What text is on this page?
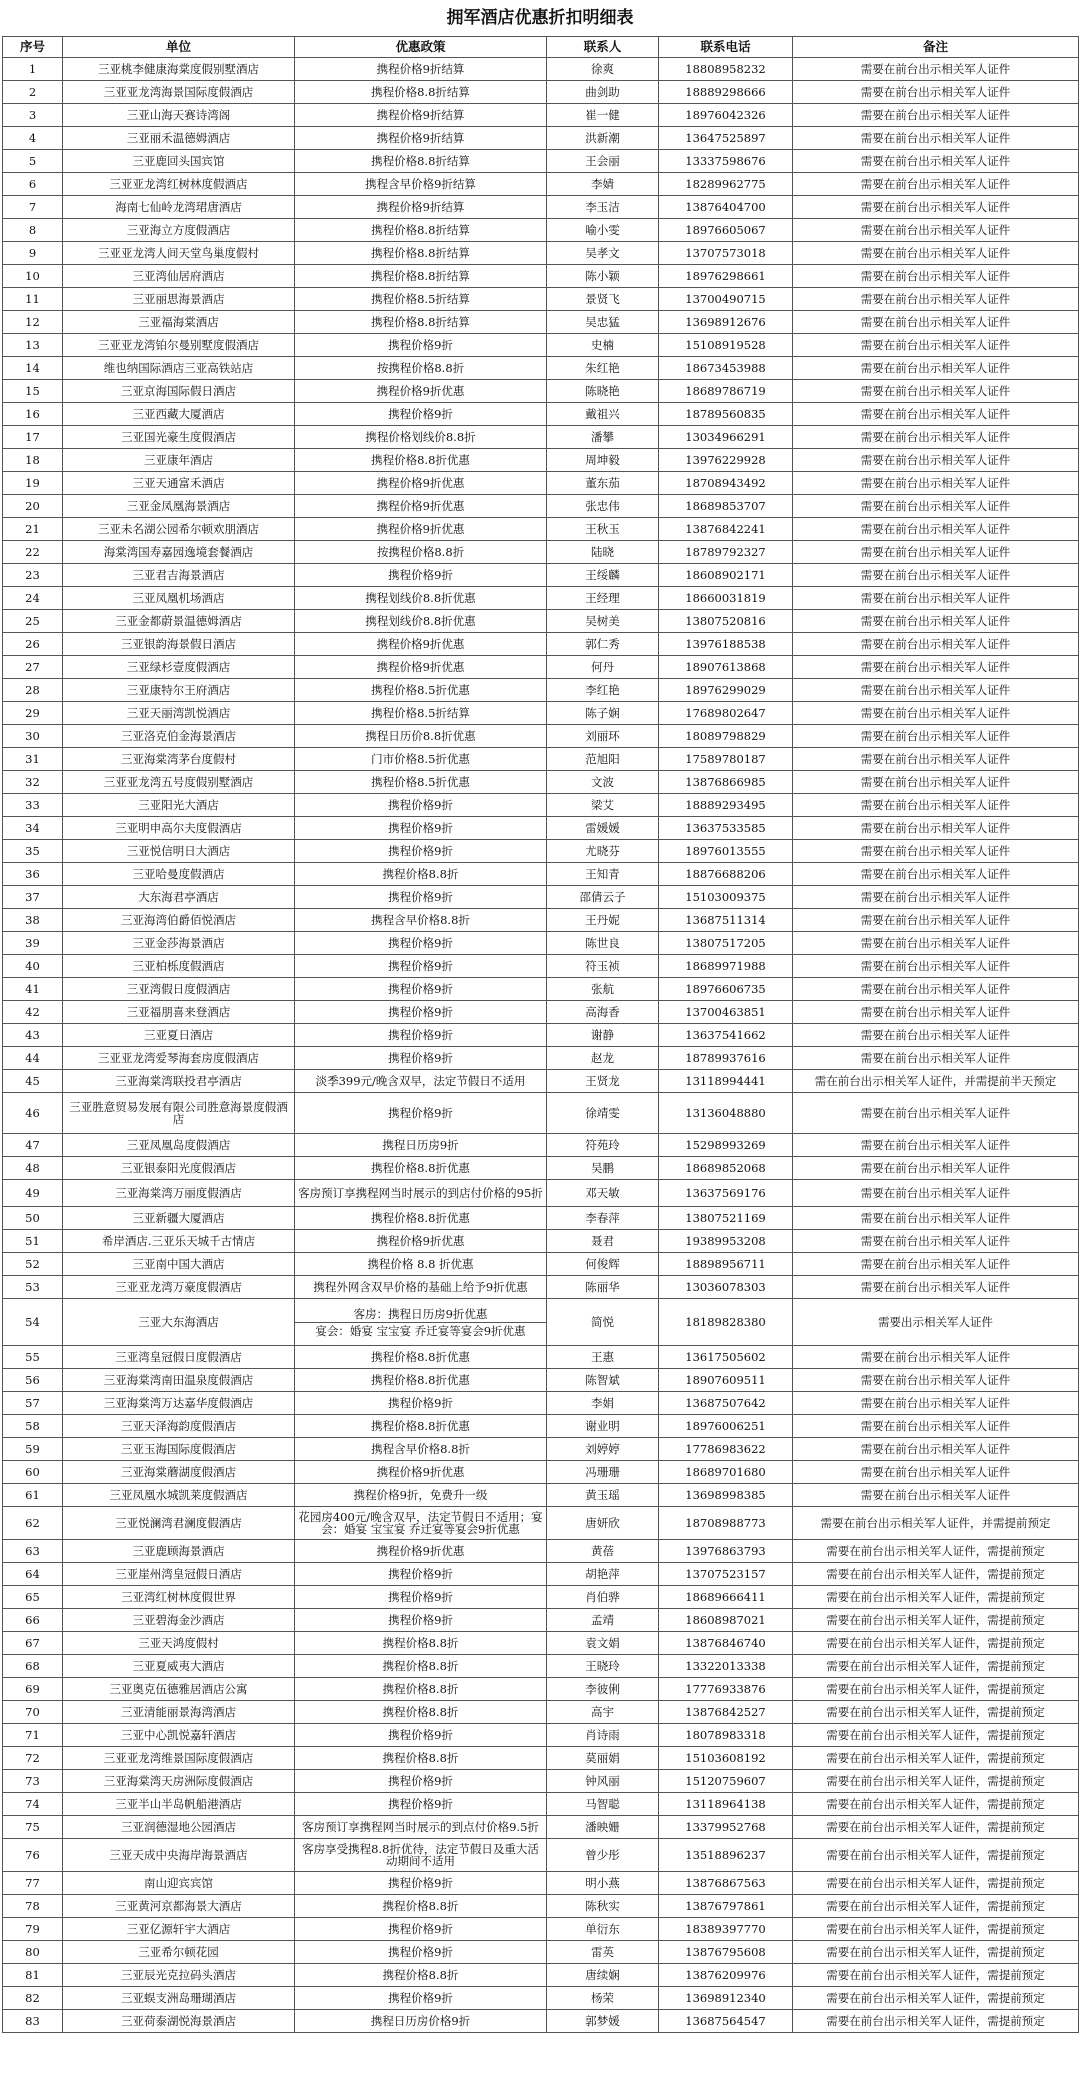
拥军酒店优惠折扣明细表
序号	单位	优惠政策	联系人	联系电话	备注
1	三亚桃李健康海棠度假别墅酒店	携程价格9折结算	徐爽	18808958232	需要在前台出示相关军人证件
2	三亚亚龙湾海景国际度假酒店	携程价格8.8折结算	曲剑助	18889298666	需要在前台出示相关军人证件
3	三亚山海天赛诗湾阁	携程价格9折结算	崔一健	18976042326	需要在前台出示相关军人证件
4	三亚丽禾温德姆酒店	携程价格9折结算	洪新潮	13647525897	需要在前台出示相关军人证件
5	三亚鹿回头国宾馆	携程价格8.8折结算	王会丽	13337598676	需要在前台出示相关军人证件
6	三亚亚龙湾红树林度假酒店	携程含早价格9折结算	李婧	18289962775	需要在前台出示相关军人证件
7	海南七仙岭龙湾珺唐酒店	携程价格9折结算	李玉洁	13876404700	需要在前台出示相关军人证件
8	三亚海立方度假酒店	携程价格8.8折结算	喻小雯	18976605067	需要在前台出示相关军人证件
9	三亚亚龙湾人间天堂鸟巢度假村	携程价格8.8折结算	吴孝文	13707573018	需要在前台出示相关军人证件
10	三亚湾仙居府酒店	携程价格8.8折结算	陈小颖	18976298661	需要在前台出示相关军人证件
11	三亚丽思海景酒店	携程价格8.5折结算	景贤飞	13700490715	需要在前台出示相关军人证件
12	三亚福海棠酒店	携程价格8.8折结算	吴忠猛	13698912676	需要在前台出示相关军人证件
13	三亚亚龙湾铂尔曼别墅度假酒店	携程价格9折	史楠	15108919528	需要在前台出示相关军人证件
14	维也纳国际酒店三亚高铁站店	按携程价格8.8折	朱红艳	18673453988	需要在前台出示相关军人证件
15	三亚京海国际假日酒店	携程价格9折优惠	陈晓艳	18689786719	需要在前台出示相关军人证件
16	三亚西藏大厦酒店	携程价格9折	戴祖兴	18789560835	需要在前台出示相关军人证件
17	三亚国光豪生度假酒店	携程价格划线价8.8折	潘攀	13034966291	需要在前台出示相关军人证件
18	三亚康年酒店	携程价格8.8折优惠	周坤毅	13976229928	需要在前台出示相关军人证件
19	三亚天通富禾酒店	携程价格9折优惠	董东茄	18708943492	需要在前台出示相关军人证件
20	三亚金凤凰海景酒店	携程价格9折优惠	张忠伟	18689853707	需要在前台出示相关军人证件
21	三亚未名湖公园希尔顿欢朋酒店	携程价格9折优惠	王秋玉	13876842241	需要在前台出示相关军人证件
22	海棠湾国寿嘉园逸境套餐酒店	按携程价格8.8折	陆晓	18789792327	需要在前台出示相关军人证件
23	三亚君吉海景酒店	携程价格9折	王绥麟	18608902171	需要在前台出示相关军人证件
24	三亚凤凰机场酒店	携程划线价8.8折优惠	王经理	18660031819	需要在前台出示相关军人证件
25	三亚金都蔚景温德姆酒店	携程划线价8.8折优惠	吴树美	13807520816	需要在前台出示相关军人证件
26	三亚银韵海景假日酒店	携程价格9折优惠	郭仁秀	13976188538	需要在前台出示相关军人证件
27	三亚绿杉壹度假酒店	携程价格9折优惠	何丹	18907613868	需要在前台出示相关军人证件
28	三亚康特尔王府酒店	携程价格8.5折优惠	李红艳	18976299029	需要在前台出示相关军人证件
29	三亚天丽湾凯悦酒店	携程价格8.5折结算	陈子娴	17689802647	需要在前台出示相关军人证件
30	三亚洛克伯金海景酒店	携程日历价8.8折优惠	刘丽环	18089798829	需要在前台出示相关军人证件
31	三亚海棠湾茅台度假村	门市价格8.5折优惠	范旭阳	17589780187	需要在前台出示相关军人证件
32	三亚亚龙湾五号度假别墅酒店	携程价格8.5折优惠	文波	13876866985	需要在前台出示相关军人证件
33	三亚阳光大酒店	携程价格9折	梁艾	18889293495	需要在前台出示相关军人证件
34	三亚明申高尔夫度假酒店	携程价格9折	雷媛媛	13637533585	需要在前台出示相关军人证件
35	三亚悦信明日大酒店	携程价格9折	尤晓芬	18976013555	需要在前台出示相关军人证件
36	三亚哈曼度假酒店	携程价格8.8折	王知青	18876688206	需要在前台出示相关军人证件
37	大东海君亭酒店	携程价格9折	邵倩云子	15103009375	需要在前台出示相关军人证件
38	三亚海湾伯爵佰悦酒店	携程含早价格8.8折	王丹妮	13687511314	需要在前台出示相关军人证件
39	三亚金莎海景酒店	携程价格9折	陈世良	13807517205	需要在前台出示相关军人证件
40	三亚柏栎度假酒店	携程价格9折	符玉祯	18689971988	需要在前台出示相关军人证件
41	三亚湾假日度假酒店	携程价格9折	张航	18976606735	需要在前台出示相关军人证件
42	三亚福朋喜来登酒店	携程价格9折	高海香	13700463851	需要在前台出示相关军人证件
43	三亚夏日酒店	携程价格9折	谢静	13637541662	需要在前台出示相关军人证件
44	三亚亚龙湾爱琴海套房度假酒店	携程价格9折	赵龙	18789937616	需要在前台出示相关军人证件
45	三亚海棠湾联投君亭酒店	淡季399元/晚含双早，法定节假日不适用	王贤龙	13118994441	需在前台出示相关军人证件，并需提前半天预定
46	三亚胜意贸易发展有限公司胜意海景度假酒店	携程价格9折	徐靖雯	13136048880	需要在前台出示相关军人证件
47	三亚凤凰岛度假酒店	携程日历房9折	符苑玲	15298993269	需要在前台出示相关军人证件
48	三亚银泰阳光度假酒店	携程价格8.8折优惠	吴鹏	18689852068	需要在前台出示相关军人证件
49	三亚海棠湾万丽度假酒店	客房预订享携程网当时展示的到店付价格的95折	邓天敏	13637569176	需要在前台出示相关军人证件
50	三亚新疆大厦酒店	携程价格8.8折优惠	李春萍	13807521169	需要在前台出示相关军人证件
51	希岸酒店.三亚乐天城千古情店	携程价格9折优惠	聂君	19389953208	需要在前台出示相关军人证件
52	三亚南中国大酒店	携程价格 8.8 折优惠	何俊辉	18898956711	需要在前台出示相关军人证件
53	三亚亚龙湾万豪度假酒店	携程外网含双早价格的基础上给予9折优惠	陈丽华	13036078303	需要在前台出示相关军人证件
54	三亚大东海酒店	客房：携程日历房9折优惠
宴会：婚宴 宝宝宴 乔迁宴等宴会9折优惠	简悦	18189828380	需要出示相关军人证件
55	三亚湾皇冠假日度假酒店	携程价格8.8折优惠	王惠	13617505602	需要在前台出示相关军人证件
56	三亚海棠湾南田温泉度假酒店	携程价格8.8折优惠	陈智斌	18907609511	需要在前台出示相关军人证件
57	三亚海棠湾万达嘉华度假酒店	携程价格9折	李娟	13687507642	需要在前台出示相关军人证件
58	三亚天泽海韵度假酒店	携程价格8.8折优惠	谢业明	18976006251	需要在前台出示相关军人证件
59	三亚玉海国际度假酒店	携程含早价格8.8折	刘婷婷	17786983622	需要在前台出示相关军人证件
60	三亚海棠蘑湖度假酒店	携程价格9折优惠	冯珊珊	18689701680	需要在前台出示相关军人证件
61	三亚凤凰水城凯莱度假酒店	携程价格9折，免费升一级	黄玉瑶	13698998385	需要在前台出示相关军人证件
62	三亚悦澜湾君澜度假酒店	花园房400元/晚含双早，法定节假日不适用；宴会：婚宴 宝宝宴 乔迁宴等宴会9折优惠	唐妍欣	18708988773	需要在前台出示相关军人证件，并需提前预定
63	三亚鹿顾海景酒店	携程价格9折优惠	黄蓓	13976863793	需要在前台出示相关军人证件，需提前预定
64	三亚崖州湾皇冠假日酒店	携程价格9折	胡艳萍	13707523157	需要在前台出示相关军人证件，需提前预定
65	三亚湾红树林度假世界	携程价格9折	肖伯骅	18689666411	需要在前台出示相关军人证件，需提前预定
66	三亚碧海金沙酒店	携程价格9折	孟靖	18608987021	需要在前台出示相关军人证件，需提前预定
67	三亚天鸿度假村	携程价格8.8折	袁文娟	13876846740	需要在前台出示相关军人证件，需提前预定
68	三亚夏威夷大酒店	携程价格8.8折	王晓玲	13322013338	需要在前台出示相关军人证件，需提前预定
69	三亚奥克伍德雅居酒店公寓	携程价格8.8折	李彼俐	17776933876	需要在前台出示相关军人证件，需提前预定
70	三亚清能丽景海湾酒店	携程价格8.8折	高宇	13876842527	需要在前台出示相关军人证件，需提前预定
71	三亚中心凯悦嘉轩酒店	携程价格9折	肖诗雨	18078983318	需要在前台出示相关军人证件，需提前预定
72	三亚亚龙湾维景国际度假酒店	携程价格8.8折	莫丽娟	15103608192	需要在前台出示相关军人证件，需提前预定
73	三亚海棠湾天房洲际度假酒店	携程价格9折	钟风丽	15120759607	需要在前台出示相关军人证件，需提前预定
74	三亚半山半岛帆船港酒店	携程价格9折	马智聪	13118964138	需要在前台出示相关军人证件，需提前预定
75	三亚润德湿地公园酒店	客房预订享携程网当时展示的到点付价格9.5折	潘映姗	13379952768	需要在前台出示相关军人证件，需提前预定
76	三亚天成中央海岸海景酒店	客房享受携程8.8折优待，法定节假日及重大活动期间不适用	曾少彤	13518896237	需要在前台出示相关军人证件，需提前预定
77	南山迎宾宾馆	携程价格9折	明小燕	13876867563	需要在前台出示相关军人证件，需提前预定
78	三亚黄河京都海景大酒店	携程价格8.8折	陈秋实	13876797861	需要在前台出示相关军人证件，需提前预定
79	三亚亿源轩宇大酒店	携程价格9折	单衍东	18389397770	需要在前台出示相关军人证件，需提前预定
80	三亚希尔顿花园	携程价格9折	雷英	13876795608	需要在前台出示相关军人证件，需提前预定
81	三亚辰光克拉码头酒店	携程价格8.8折	唐续娴	13876209976	需要在前台出示相关军人证件，需提前预定
82	三亚蜈支洲岛珊瑚酒店	携程价格9折	杨荣	13698912340	需要在前台出示相关军人证件，需提前预定
83	三亚荷泰湖悦海景酒店	携程日历房价格9折	郭梦媛	13687564547	需要在前台出示相关军人证件，需提前预定
